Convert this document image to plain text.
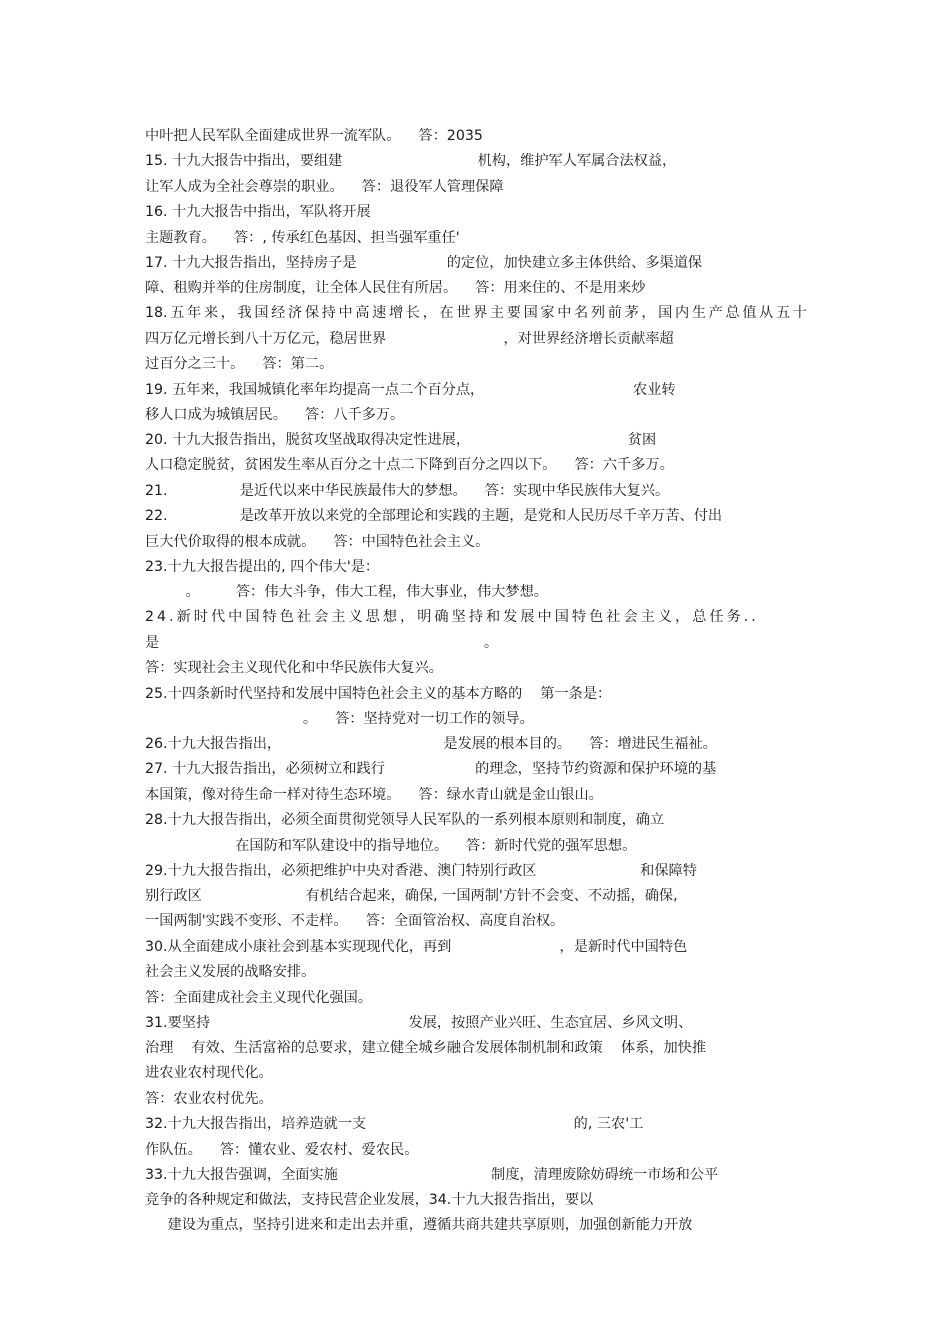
中叶把人民军队全面建成世界一流军队。    答：2035
15. 十九大报告中指出，要组建                              机构，维护军人军属合法权益，
让军人成为全社会尊崇的职业。    答：退役军人管理保障
16. 十九大报告中指出，军队将开展
主题教育。    答：, 传承红色基因、担当强军重任'
17. 十九大报告指出，坚持房子是                    的定位，加快建立多主体供给、多渠道保
障、租购并举的住房制度，让全体人民住有所居。    答：用来住的、不是用来炒
18.五年来，我国经济保持中高速增长，在世界主要国家中名列前茅，国内生产总值从五十
四万亿元增长到八十万亿元，稳居世界                          ，对世界经济增长贡献率超
过百分之三十。    答：第二。
19. 五年来，我国城镇化率年均提高一点二个百分点，                                 农业转
移人口成为城镇居民。    答：八千多万。
20. 十九大报告指出，脱贫攻坚战取得决定性进展，                                   贫困
人口稳定脱贫，贫困发生率从百分之十点二下降到百分之四以下。    答：六千多万。
21.                是近代以来中华民族最伟大的梦想。    答：实现中华民族伟大复兴。
22.                是改革开放以来党的全部理论和实践的主题，是党和人民历尽千辛万苦、付出
巨大代价取得的根本成就。    答：中国特色社会主义。
23.十九大报告提出的, 四个伟大'是：
。        答：伟大斗争，伟大工程，伟大事业，伟大梦想。
24.新时代中国特色社会主义思想，明确坚持和发展中国特色社会主义，总任务..
是                                                                        。
答：实现社会主义现代化和中华民族伟大复兴。
25.十四条新时代坚持和发展中国特色社会主义的基本方略的    第一条是：
。    答：坚持党对一切工作的领导。
26.十九大报告指出，                                    是发展的根本目的。    答：增进民生福祉。
27. 十九大报告指出，必须树立和践行                    的理念，坚持节约资源和保护环境的基
本国策，像对待生命一样对待生态环境。    答：绿水青山就是金山银山。
28.十九大报告指出，必须全面贯彻党领导人民军队的一系列根本原则和制度，确立
在国防和军队建设中的指导地位。    答：新时代党的强军思想。
29.十九大报告指出，必须把维护中央对香港、澳门特别行政区                       和保障特
别行政区                       有机结合起来，确保, 一国两制'方针不会变、不动摇，确保,
一国两制'实践不变形、不走样。    答：全面管治权、高度自治权。
30.从全面建成小康社会到基本实现现代化，再到                        ，是新时代中国特色
社会主义发展的战略安排。
答：全面建成社会主义现代化强国。
31.要坚持                                            发展，按照产业兴旺、生态宜居、乡风文明、
治理    有效、生活富裕的总要求，建立健全城乡融合发展体制机制和政策    体系，加快推
进农业农村现代化。
答：农业农村优先。
32.十九大报告指出，培养造就一支                                              的, 三农'工
作队伍。    答：懂农业、爱农村、爱农民。
33.十九大报告强调，全面实施                                  制度，清理废除妨碍统一市场和公平
竞争的各种规定和做法，支持民营企业发展，34.十九大报告指出，要以
建设为重点，坚持引进来和走出去并重，遵循共商共建共享原则，加强创新能力开放
